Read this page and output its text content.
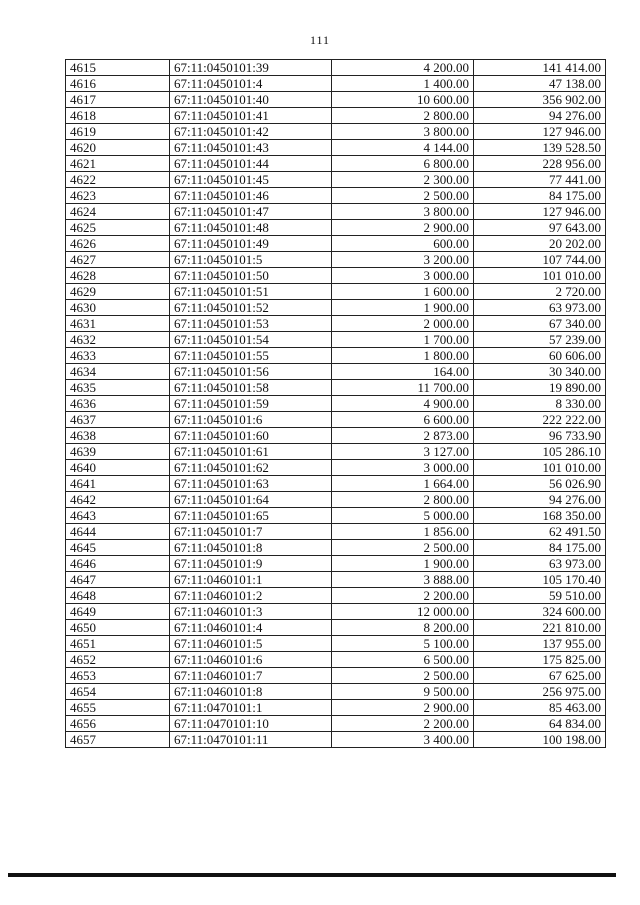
111
4615	67:11:0450101:39	4 200.00	141 414.00
4616	67:11:0450101:4	1 400.00	47 138.00
4617	67:11:0450101:40	10 600.00	356 902.00
4618	67:11:0450101:41	2 800.00	94 276.00
4619	67:11:0450101:42	3 800.00	127 946.00
4620	67:11:0450101:43	4 144.00	139 528.50
4621	67:11:0450101:44	6 800.00	228 956.00
4622	67:11:0450101:45	2 300.00	77 441.00
4623	67:11:0450101:46	2 500.00	84 175.00
4624	67:11:0450101:47	3 800.00	127 946.00
4625	67:11:0450101:48	2 900.00	97 643.00
4626	67:11:0450101:49	600.00	20 202.00
4627	67:11:0450101:5	3 200.00	107 744.00
4628	67:11:0450101:50	3 000.00	101 010.00
4629	67:11:0450101:51	1 600.00	2 720.00
4630	67:11:0450101:52	1 900.00	63 973.00
4631	67:11:0450101:53	2 000.00	67 340.00
4632	67:11:0450101:54	1 700.00	57 239.00
4633	67:11:0450101:55	1 800.00	60 606.00
4634	67:11:0450101:56	164.00	30 340.00
4635	67:11:0450101:58	11 700.00	19 890.00
4636	67:11:0450101:59	4 900.00	8 330.00
4637	67:11:0450101:6	6 600.00	222 222.00
4638	67:11:0450101:60	2 873.00	96 733.90
4639	67:11:0450101:61	3 127.00	105 286.10
4640	67:11:0450101:62	3 000.00	101 010.00
4641	67:11:0450101:63	1 664.00	56 026.90
4642	67:11:0450101:64	2 800.00	94 276.00
4643	67:11:0450101:65	5 000.00	168 350.00
4644	67:11:0450101:7	1 856.00	62 491.50
4645	67:11:0450101:8	2 500.00	84 175.00
4646	67:11:0450101:9	1 900.00	63 973.00
4647	67:11:0460101:1	3 888.00	105 170.40
4648	67:11:0460101:2	2 200.00	59 510.00
4649	67:11:0460101:3	12 000.00	324 600.00
4650	67:11:0460101:4	8 200.00	221 810.00
4651	67:11:0460101:5	5 100.00	137 955.00
4652	67:11:0460101:6	6 500.00	175 825.00
4653	67:11:0460101:7	2 500.00	67 625.00
4654	67:11:0460101:8	9 500.00	256 975.00
4655	67:11:0470101:1	2 900.00	85 463.00
4656	67:11:0470101:10	2 200.00	64 834.00
4657	67:11:0470101:11	3 400.00	100 198.00
